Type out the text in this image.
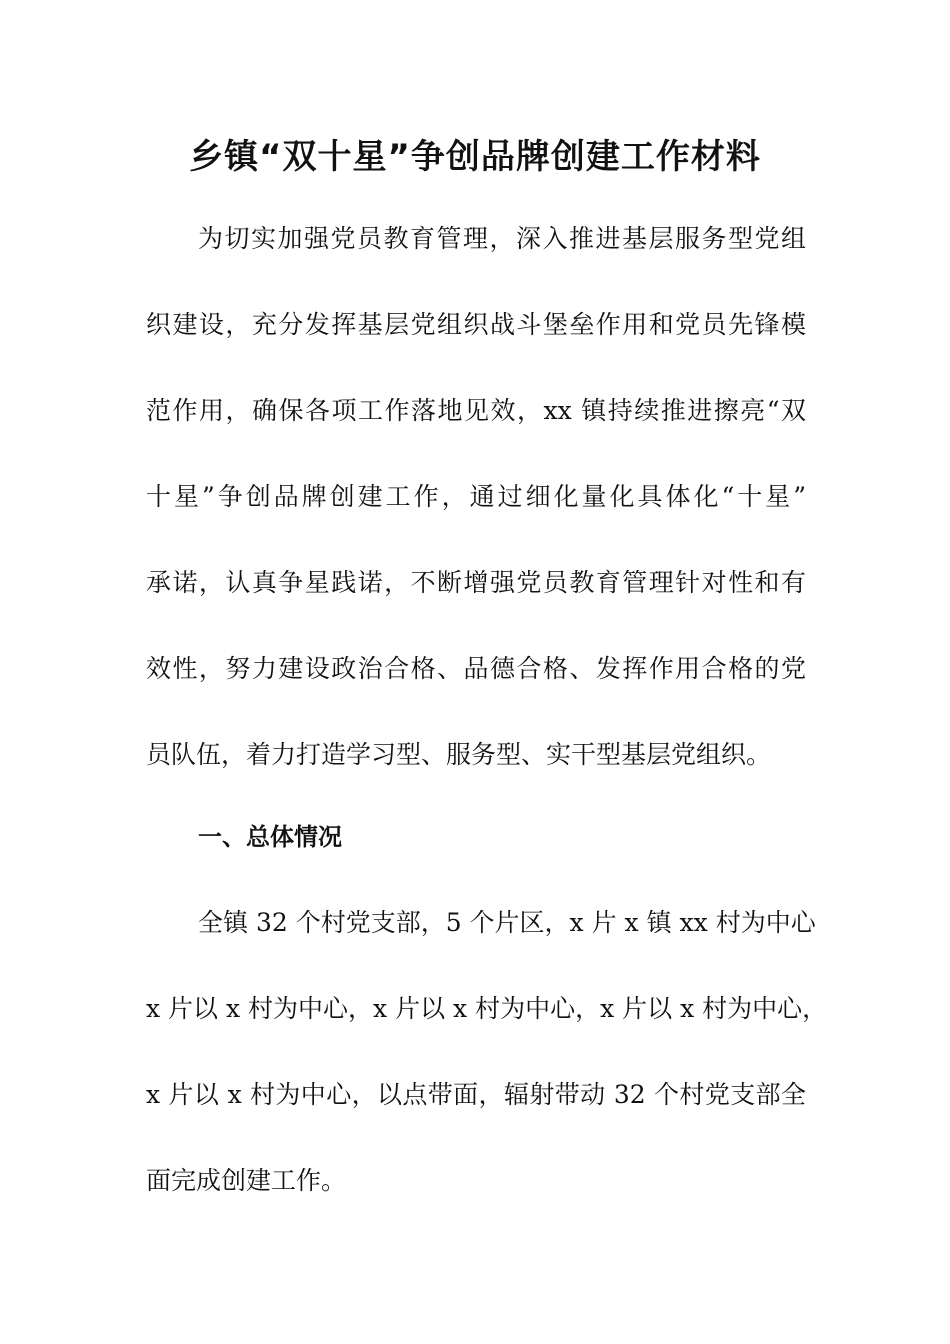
乡镇“双十星”争创品牌创建工作材料
为切实加强党员教育管理，深入推进基层服务型党组
织建设，充分发挥基层党组织战斗堡垒作用和党员先锋模
范作用，确保各项工作落地见效，xx 镇持续推进擦亮“双
十星”争创品牌创建工作，通过细化量化具体化“十星”
承诺，认真争星践诺，不断增强党员教育管理针对性和有
效性，努力建设政治合格、品德合格、发挥作用合格的党
员队伍，着力打造学习型、服务型、实干型基层党组织。
一、总体情况
全镇 32 个村党支部，5 个片区，x 片 x 镇 xx 村为中心
x 片以 x 村为中心，x 片以 x 村为中心，x 片以 x 村为中心，
x 片以 x 村为中心，以点带面，辐射带动 32 个村党支部全
面完成创建工作。
